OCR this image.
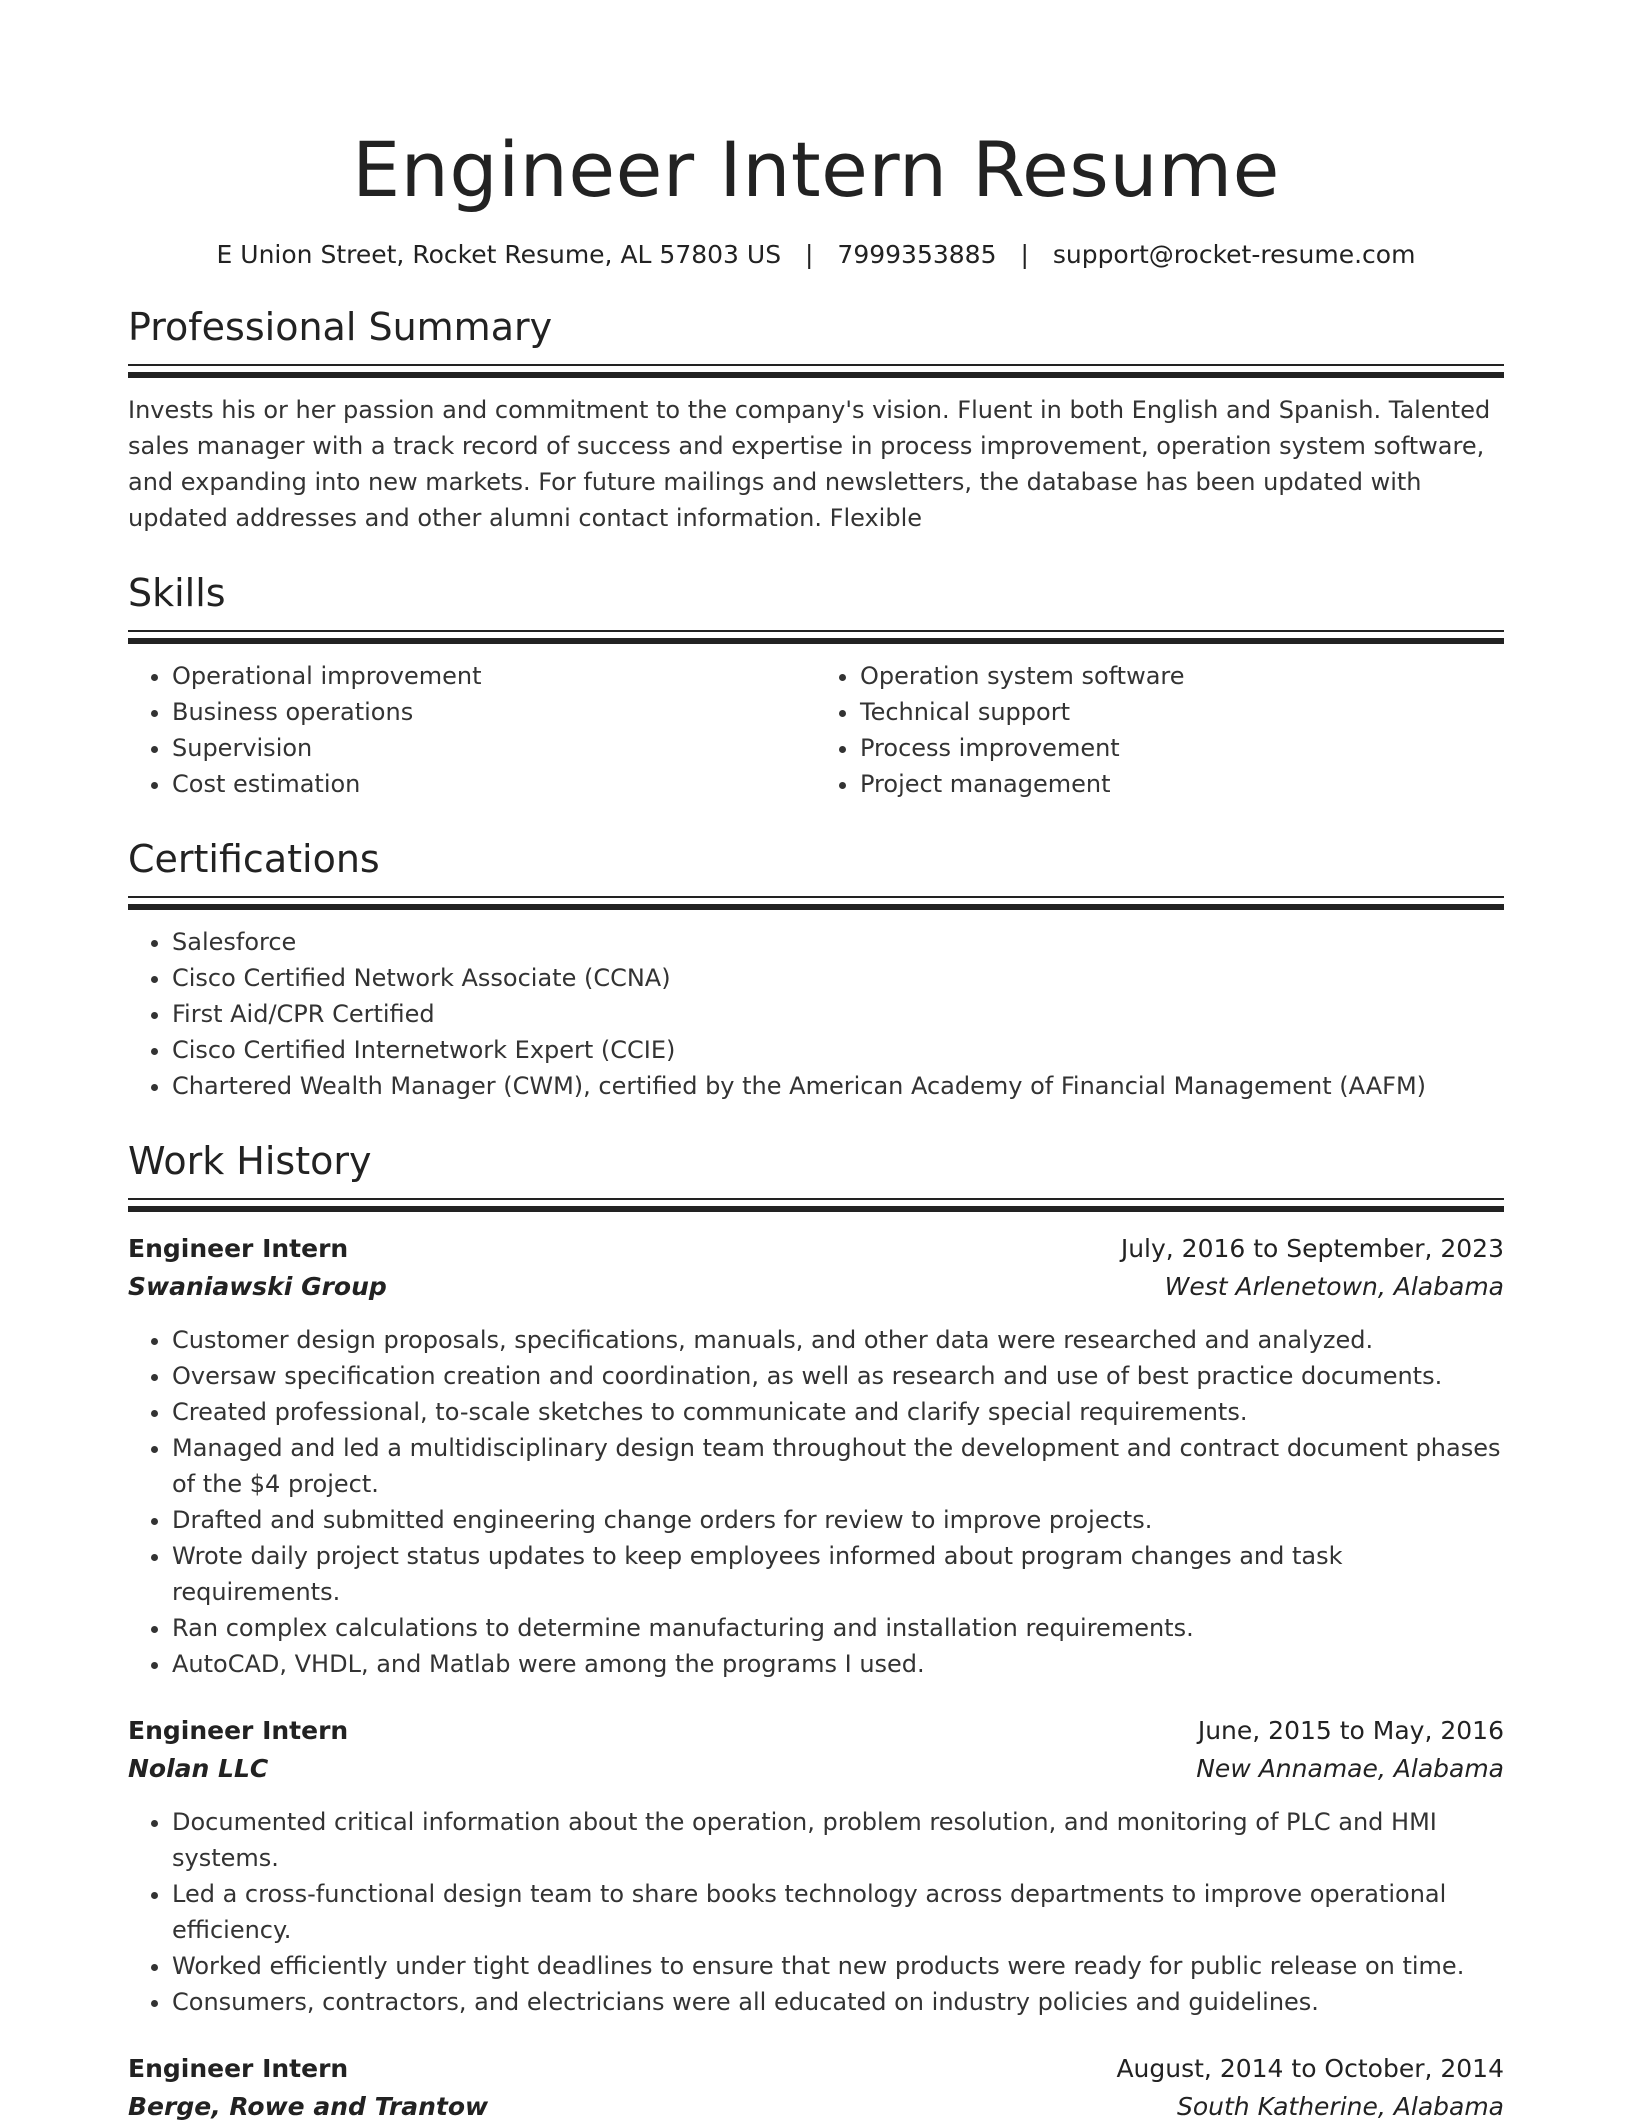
Engineer Intern Resume
E Union Street, Rocket Resume, AL 57803 US | 7999353885 | support@rocket-resume.com
Professional Summary
Invests his or her passion and commitment to the company's vision. Fluent in both English and Spanish. Talented sales manager with a track record of success and expertise in process improvement, operation system software, and expanding into new markets. For future mailings and newsletters, the database has been updated with updated addresses and other alumni contact information. Flexible
Skills
• Operational improvement
• Business operations
• Supervision
• Cost estimation
• Operation system software
• Technical support
• Process improvement
• Project management
Certifications
• Salesforce
• Cisco Certified Network Associate (CCNA)
• First Aid/CPR Certified
• Cisco Certified Internetwork Expert (CCIE)
• Chartered Wealth Manager (CWM), certified by the American Academy of Financial Management (AAFM)
Work History
Engineer Intern	July, 2016 to September, 2023
Swaniawski Group	West Arlenetown, Alabama
• Customer design proposals, specifications, manuals, and other data were researched and analyzed.
• Oversaw specification creation and coordination, as well as research and use of best practice documents.
• Created professional, to-scale sketches to communicate and clarify special requirements.
• Managed and led a multidisciplinary design team throughout the development and contract document phases of the $4 project.
• Drafted and submitted engineering change orders for review to improve projects.
• Wrote daily project status updates to keep employees informed about program changes and task requirements.
• Ran complex calculations to determine manufacturing and installation requirements.
• AutoCAD, VHDL, and Matlab were among the programs I used.
Engineer Intern	June, 2015 to May, 2016
Nolan LLC	New Annamae, Alabama
• Documented critical information about the operation, problem resolution, and monitoring of PLC and HMI systems.
• Led a cross-functional design team to share books technology across departments to improve operational efficiency.
• Worked efficiently under tight deadlines to ensure that new products were ready for public release on time.
• Consumers, contractors, and electricians were all educated on industry policies and guidelines.
Engineer Intern	August, 2014 to October, 2014
Berge, Rowe and Trantow	South Katherine, Alabama
